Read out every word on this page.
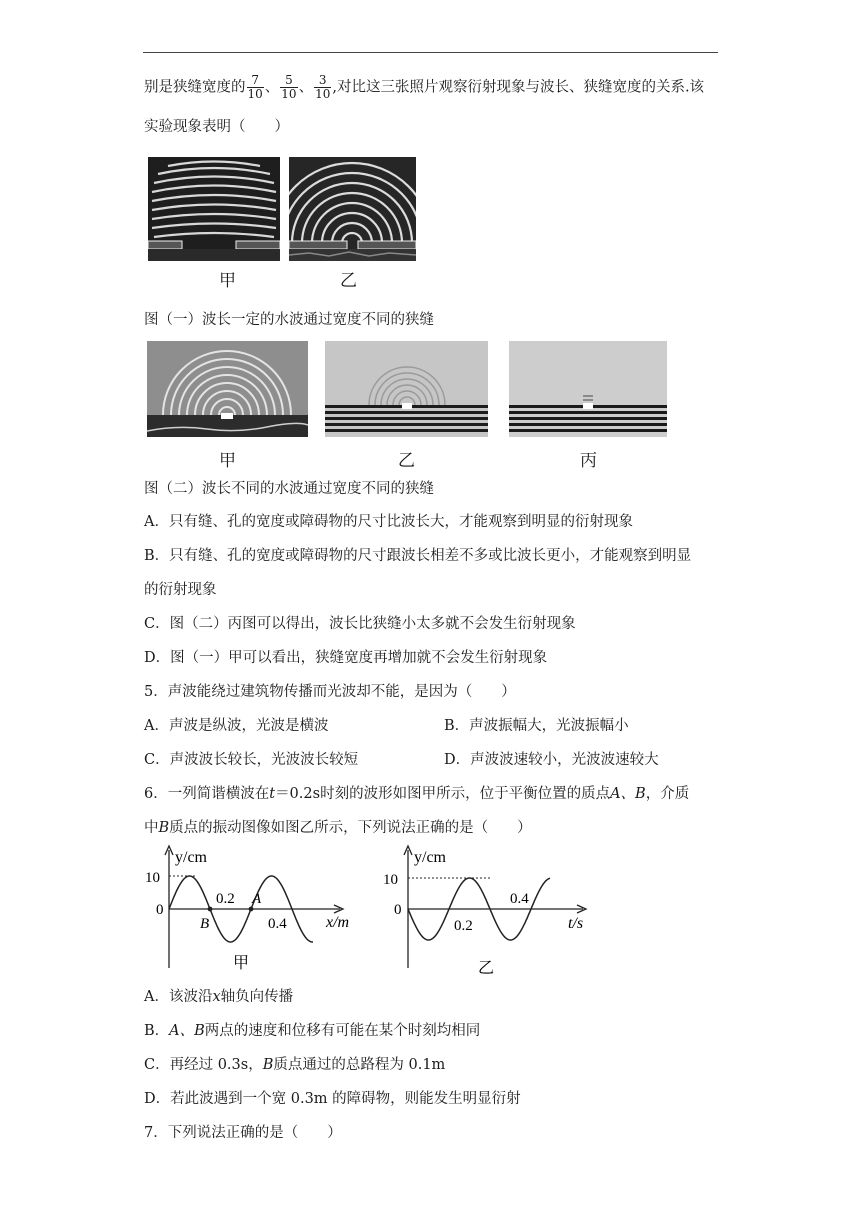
别是狭缝宽度的 $\frac{7}{10}$ 、 $\frac{5}{10}$ 、 $\frac{3}{10}$ ,对比这三张照片观察衍射现象与波长、狭缝宽度的关系.该
实验现象表明（　　）
甲	乙
图（一）波长一定的水波通过宽度不同的狭缝
甲	乙	丙
图（二）波长不同的水波通过宽度不同的狭缝
A．只有缝、孔的宽度或障碍物的尺寸比波长大，才能观察到明显的衍射现象
B．只有缝、孔的宽度或障碍物的尺寸跟波长相差不多或比波长更小，才能观察到明显
的衍射现象
C．图（二）丙图可以得出，波长比狭缝小太多就不会发生衍射现象
D．图（一）甲可以看出，狭缝宽度再增加就不会发生衍射现象
5．声波能绕过建筑物传播而光波却不能，是因为（　　）
A．声波是纵波，光波是横波	B．声波振幅大，光波振幅小
C．声波波长较长，光波波长较短	D．声波波速较小，光波波速较大
6．一列简谐横波在t＝0.2s时刻的波形如图甲所示，位于平衡位置的质点A、B，介质
中B质点的振动图像如图乙所示，下列说法正确的是（　　）
y/cm
10
0
0.2
B
A
0.4 x/m
甲
y/cm
10
0
0.2
0.4
t/s
乙
A．该波沿x轴负向传播
B．A、B两点的速度和位移有可能在某个时刻均相同
C．再经过 0.3s，B质点通过的总路程为 0.1m
D．若此波遇到一个宽 0.3m 的障碍物，则能发生明显衍射
7．下列说法正确的是（　　）
